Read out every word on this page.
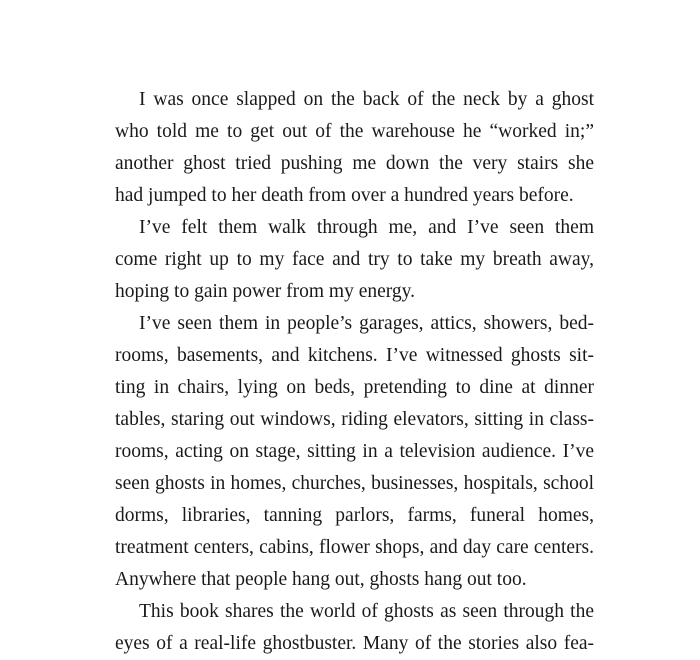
I was once slapped on the back of the neck by a ghost
who told me to get out of the warehouse he “worked in;”
another ghost tried pushing me down the very stairs she
had jumped to her death from over a hundred years before.
I’ve felt them walk through me, and I’ve seen them
come right up to my face and try to take my breath away,
hoping to gain power from my energy.
I’ve seen them in people’s garages, attics, showers, bed-
rooms, basements, and kitchens. I’ve witnessed ghosts sit-
ting in chairs, lying on beds, pretending to dine at dinner
tables, staring out windows, riding elevators, sitting in class-
rooms, acting on stage, sitting in a television audience. I’ve
seen ghosts in homes, churches, businesses, hospitals, school
dorms, libraries, tanning parlors, farms, funeral homes,
treatment centers, cabins, flower shops, and day care centers.
Anywhere that people hang out, ghosts hang out too.
This book shares the world of ghosts as seen through the
eyes of a real-life ghostbuster. Many of the stories also fea-
